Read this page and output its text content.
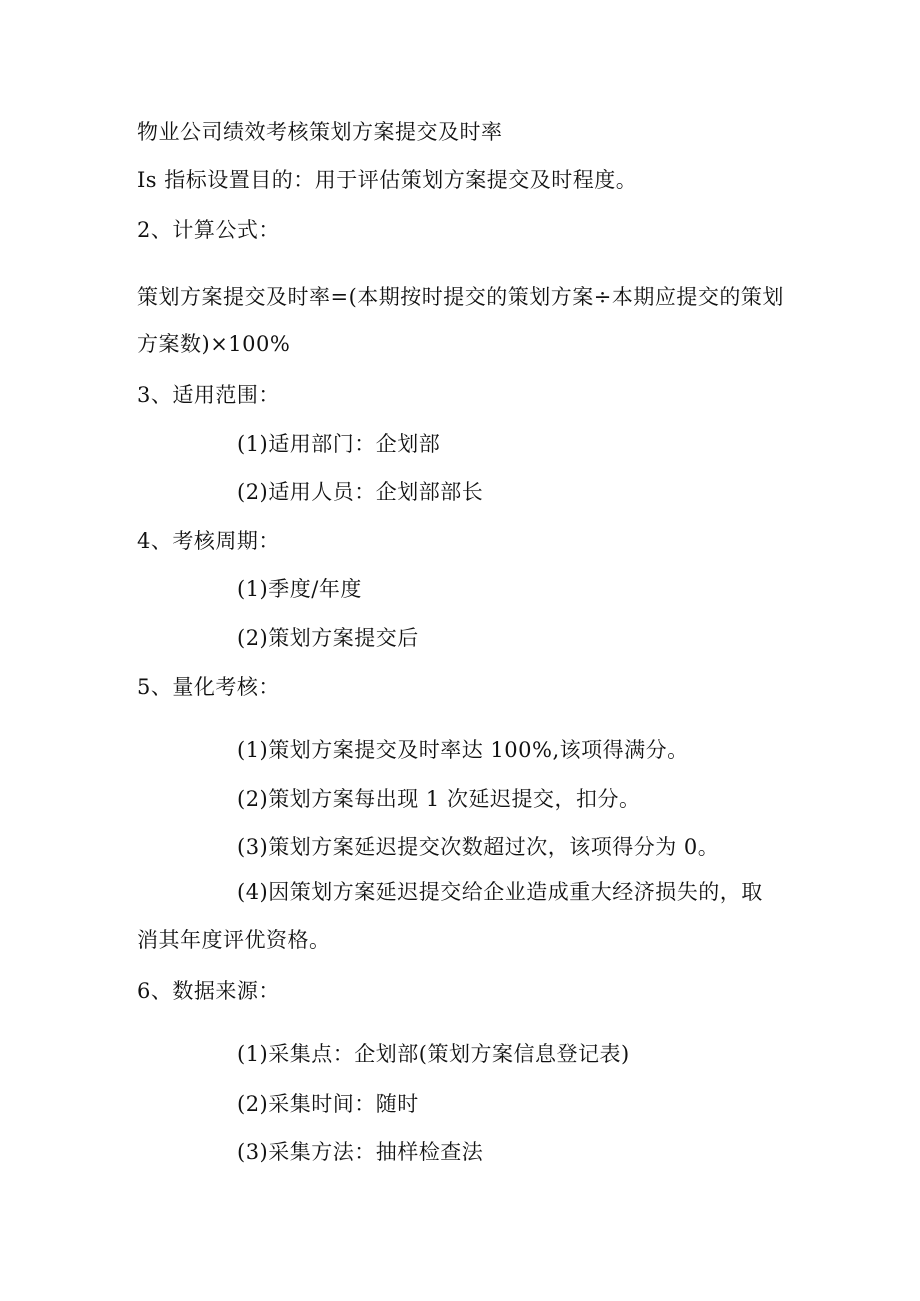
物业公司绩效考核策划方案提交及时率
Is 指标设置目的：用于评估策划方案提交及时程度。
2、计算公式：
策划方案提交及时率=(本期按时提交的策划方案÷本期应提交的策划
方案数)×100%
3、适用范围：
(1)适用部门：企划部
(2)适用人员：企划部部长
4、考核周期：
(1)季度/年度
(2)策划方案提交后
5、量化考核：
(1)策划方案提交及时率达 100%,该项得满分。
(2)策划方案每出现 1 次延迟提交，扣分。
(3)策划方案延迟提交次数超过次，该项得分为 0。
(4)因策划方案延迟提交给企业造成重大经济损失的，取
消其年度评优资格。
6、数据来源：
(1)采集点：企划部(策划方案信息登记表)
(2)采集时间：随时
(3)采集方法：抽样检查法
